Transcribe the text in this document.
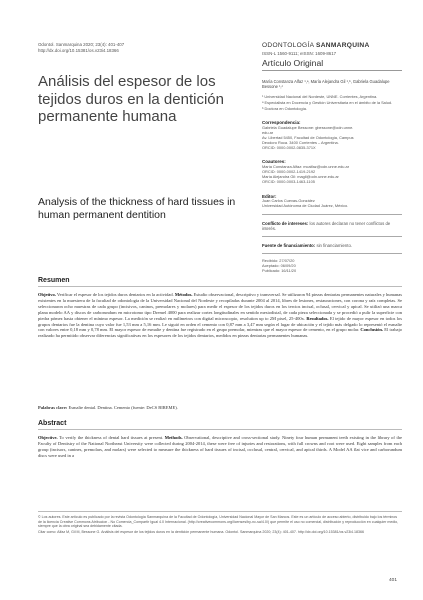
Odontol. Sanmarquina 2020; 23(4): 401-407
http://dx.doi.org/10.15381/os.v23i4.18366
Análisis del espesor de los tejidos duros en la dentición permanente humana
Analysis of the thickness of hard tissues in human permanent dentition
ODONTOLOGÍA SANMARQUINA
ISSN-L 1560-9111; eISSN: 1609-8617
Artículo Original
María Constanza Alfaz ¹,ᵃ, María Alejandra Gil ¹,ᵇ, Gabriela Guadalupe Bessone ¹,ᶜ
¹ Universidad Nacional del Nordeste, UNNE. Corrientes, Argentina.
ᵃ Especialista en Docencia y Gestión Universitaria en el ámbito de la Salud.
ᵇ Doctora en Odontología.
Correspondencia:
Gabriela Guadalupe Bessone: gbessone@odn.unne.
edu.ar
Av. Libertad 5450, Facultad de Odontología, Campus
Deodoro Roca. 3400 Corrientes – Argentina.
ORCID: 0000-0002-0835-371X
Coautores:
María Constanza Alfaz: mcalfaz@odn.unne.edu.ar
ORCID: 0000-0002-1419-2192
María Alejandra Gil: magil@odn.unne.edu.ar
ORCID: 0000-0003-1463-1105
Editor:
Juan Carlos Cuevas-González
Universidad Autónoma de Ciudad Juárez, México.
Conflicto de intereses: los autores declaran no tener conflictos de interés.
Fuente de financiamiento: sin financiamiento.
Recibido: 27/07/20
Aceptado: 06/09/20
Publicado: 16/11/20
Resumen
Objetivo. Verificar el espesor de los tejidos duros dentarios en la actividad. Métodos. Estudio observacional, descriptivo y transversal. Se utilizaron 94 piezas dentarias permanentes naturales y humanas existentes en la muestrera de la facultad de odontología de la Universidad Nacional del Nordeste y recopiladas durante 2004 al 2014, libres de lesiones, restauraciones, con corona y raíz completas. Se seleccionaron ocho muestras de cada grupo (incisivos, caninos, premolares y molares) para medir el espesor de los tejidos duros en los tercios incisal, oclusal, cervical y apical. Se utilizó una marca plana modelo AA y discos de carborundum en microtomo tipo Dremel 4000 para realizar cortes longitudinales en sentido mesiodistal, de cada pieza seleccionada y se procedió a pulir la superficie con piedra pómez hasta obtener el mínimo espesor. La medición se realizó en milímetros con digital microscopio, resolution up to 2M pixel, 25-400x. Resultados. El tejido de mayor espesor en todos los grupos dentarios fue la dentina cuyo valor fue 1,53 mm a 5,16 mm. Le siguió en orden el cemento con 0,87 mm a 3,47 mm según el lugar de ubicación y el tejido más delgado lo representó el esmalte con valores entre 0,18 mm y 0,78 mm. El mayor espesor de esmalte y dentina fue registrado en el grupo premolar, mientras que el mayor espesor de cemento, en el grupo molar. Conclusión. El trabajo realizado ha permitido observar diferencias significativas en los espesores de los tejidos dentarios, medidos en piezas dentarias permanentes humanas.
Palabras clave: Esmalte dental. Dentina. Cemento (fuente: DeCS BIREME).
Abstract
Objective. To verify the thickness of dental hard tissues at present. Methods. Observational, descriptive and cross-sectional study. Ninety four human permanent teeth existing in the library of the Faculty of Dentistry of the National Northeast University were collected during 2004-2014, these were free of injuries and restorations, with full crowns and root were used. Eight samples from each group (incisors, canines, premolars, and molars) were selected to measure the thickness of hard tissues of incisal, occlusal, central, cervical, and apical thirds. A Model AA flat vice and carborundum discs were used in a
© Los autores. Este artículo es publicado por la revista Odontología Sanmarquina de la Facultad de Odontología, Universidad Nacional Mayor de San Marcos. Este es un artículo de acceso abierto, distribuido bajo los términos de la licencia Creative Commons Atribucion - No Comercia_Compartir Igual 4.0 Internacional. (http://creativecommons.org/licenses/by-nc-sa/4.0/) que permite el uso no comercial, distribución y reproducción en cualquier medio, siempre que la obra original sea debidamente citada.
Citar como: Alfaz M, Gil M, Bessone G. Análisis del espesor de los tejidos duros en la dentición permanente humana. Odontol. Sanmarquina 2020; 23(4): 401-407. http://dx.doi.org/10.15381/os.v23i4.18366
401
